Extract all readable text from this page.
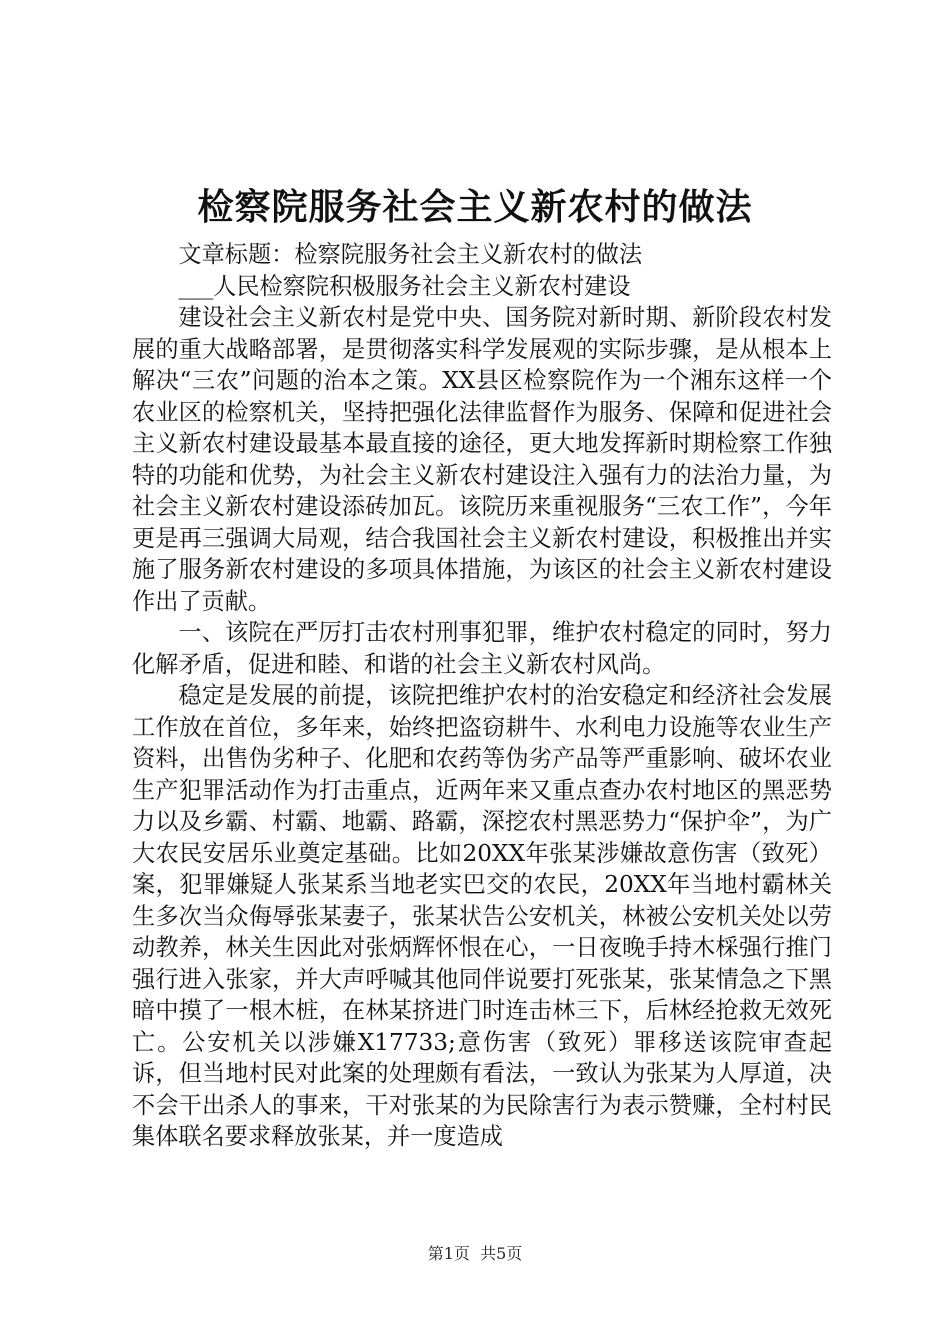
检察院服务社会主义新农村的做法

文章标题：检察院服务社会主义新农村的做法

___人民检察院积极服务社会主义新农村建设

建设社会主义新农村是党中央、国务院对新时期、新阶段农村发展的重大战略部署，是贯彻落实科学发展观的实际步骤，是从根本上解决“三农”问题的治本之策。XX县区检察院作为一个湘东这样一个农业区的检察机关，坚持把强化法律监督作为服务、保障和促进社会主义新农村建设最基本最直接的途径，更大地发挥新时期检察工作独特的功能和优势，为社会主义新农村建设注入强有力的法治力量，为社会主义新农村建设添砖加瓦。该院历来重视服务“三农工作”，今年更是再三强调大局观，结合我国社会主义新农村建设，积极推出并实施了服务新农村建设的多项具体措施，为该区的社会主义新农村建设作出了贡献。

一、该院在严厉打击农村刑事犯罪，维护农村稳定的同时，努力化解矛盾，促进和睦、和谐的社会主义新农村风尚。

稳定是发展的前提，该院把维护农村的治安稳定和经济社会发展工作放在首位，多年来，始终把盗窃耕牛、水利电力设施等农业生产资料，出售伪劣种子、化肥和农药等伪劣产品等严重影响、破坏农业生产犯罪活动作为打击重点，近两年来又重点查办农村地区的黑恶势力以及乡霸、村霸、地霸、路霸，深挖农村黑恶势力“保护伞”，为广大农民安居乐业奠定基础。比如20XX年张某涉嫌故意伤害（致死）案，犯罪嫌疑人张某系当地老实巴交的农民，20XX年当地村霸林关生多次当众侮辱张某妻子，张某状告公安机关，林被公安机关处以劳动教养，林关生因此对张炳辉怀恨在心，一日夜晚手持木棌强行推门强行进入张家，并大声呼喊其他同伴说要打死张某，张某情急之下黑暗中摸了一根木桩，在林某挤进门时连击林三下，后林经抢救无效死亡。公安机关以涉嫌X17733;意伤害（致死）罪移送该院审查起诉，但当地村民对此案的处理颇有看法，一致认为张某为人厚道，决不会干出杀人的事来，干对张某的为民除害行为表示赞赚，全村村民集体联名要求释放张某，并一度造成

第1页 共5页
